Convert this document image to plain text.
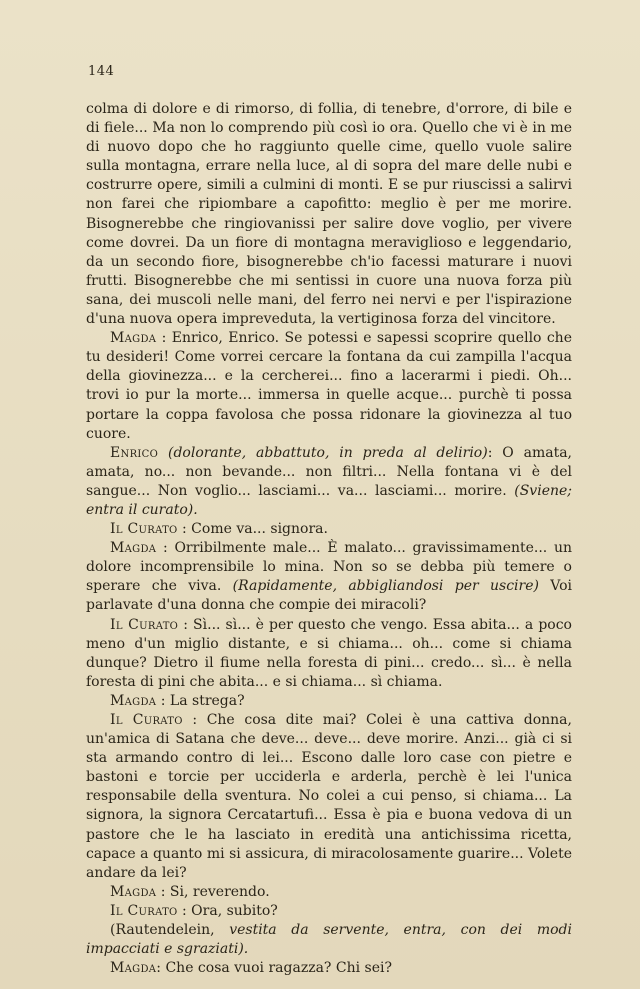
144

colma di dolore e di rimorso, di follia, di tenebre, d'orrore, di bile e di fiele... Ma non lo comprendo più così io ora. Quello che vi è in me di nuovo dopo che ho raggiunto quelle cime, quello vuole salire sulla montagna, errare nella luce, al di sopra del mare delle nubi e costrurre opere, simili a culmini di monti. E se pur riuscissi a salirvi non farei che ripiombare a capofitto: meglio è per me morire. Bisognerebbe che ringiovanissi per salire dove voglio, per vivere come dovrei. Da un fiore di montagna meraviglioso e leggendario, da un secondo fiore, bisognerebbe ch'io facessi maturare i nuovi frutti. Bisognerebbe che mi sentissi in cuore una nuova forza più sana, dei muscoli nelle mani, del ferro nei nervi e per l'ispirazione d'una nuova opera impreveduta, la vertiginosa forza del vincitore.

Magda : Enrico, Enrico. Se potessi e sapessi scoprire quello che tu desideri! Come vorrei cercare la fontana da cui zampilla l'acqua della giovinezza... e la cercherei... fino a lacerarmi i piedi. Oh... trovi io pur la morte... immersa in quelle acque... purchè ti possa portare la coppa favolosa che possa ridonare la giovinezza al tuo cuore.

Enrico (dolorante, abbattuto, in preda al delirio): O amata, amata, no... non bevande... non filtri... Nella fontana vi è del sangue... Non voglio... lasciami... va... lasciami... morire. (Sviene; entra il curato).

Il Curato : Come va... signora.

Magda : Orribilmente male... È malato... gravissimamente... un dolore incomprensibile lo mina. Non so se debba più temere o sperare che viva. (Rapidamente, abbigliandosi per uscire) Voi parlavate d'una donna che compie dei miracoli?

Il Curato : Sì... sì... è per questo che vengo. Essa abita... a poco meno d'un miglio distante, e si chiama... oh... come si chiama dunque? Dietro il fiume nella foresta di pini... credo... sì... è nella foresta di pini che abita... e si chiama... sì chiama.

Magda : La strega?

Il Curato : Che cosa dite mai? Colei è una cattiva donna, un'amica di Satana che deve... deve... deve morire. Anzi... già ci si sta armando contro di lei... Escono dalle loro case con pietre e bastoni e torcie per ucciderla e arderla, perchè è lei l'unica responsabile della sventura. No colei a cui penso, si chiama... La signora, la signora Cercatartufi... Essa è pia e buona vedova di un pastore che le ha lasciato in eredità una antichissima ricetta, capace a quanto mi si assicura, di miracolosamente guarire... Volete andare da lei?

Magda : Si, reverendo.

Il Curato : Ora, subito?

(Rautendelein, vestita da servente, entra, con dei modi impacciati e sgraziati).

Magda: Che cosa vuoi ragazza? Chi sei?
